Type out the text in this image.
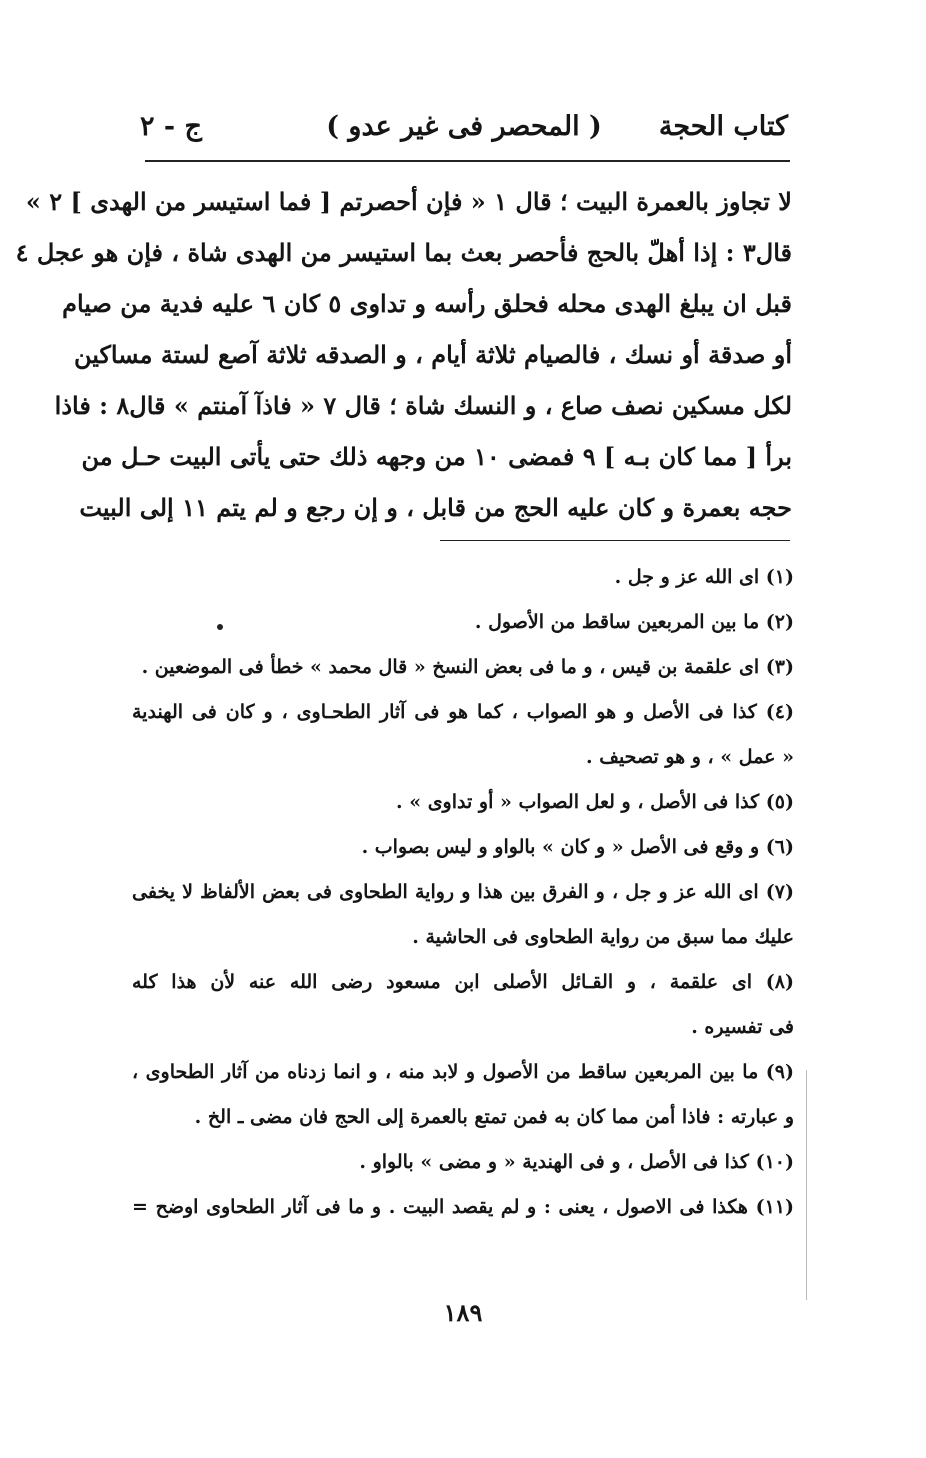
كتاب الحجة
( المحصر فى غير عدو )
ج - ٢

لا تجاوز بالعمرة البيت ؛ قال ١ « فإن أحصرتم [ فما استيسر من الهدى ] ٢ »

قال٣ : إذا أهلّ بالحج فأحصر بعث بما استيسر من الهدى شاة ، فإن هو عجل ٤

قبل ان يبلغ الهدى محله فحلق رأسه و تداوى ٥ كان ٦ عليه فدية من صيام

أو صدقة أو نسك ، فالصيام ثلاثة أيام ، و الصدقه ثلاثة آصع لستة مساكين

لكل مسكين نصف صاع ، و النسك شاة ؛ قال ٧ « فاذآ آمنتم » قال٨ : فاذا

برأ [ مما كان بـه ] ٩ فمضى ١٠ من وجهه ذلك حتى يأتى البيت حـل من

حجه بعمرة و كان عليه الحج من قابل ، و إن رجع و لم يتم ١١ إلى البيت

(١) اى الله عز و جل .

(٢) ما بين المربعين ساقط من الأصول .

(٣) اى علقمة بن قيس ، و ما فى بعض النسخ « قال محمد » خطأ فى الموضعين .

(٤) كذا فى الأصل و هو الصواب ، كما هو فى آثار الطحـاوى ، و كان فى الهندية

« عمل » ، و هو تصحيف .

(٥) كذا فى الأصل ، و لعل الصواب « أو تداوى » .

(٦) و وقع فى الأصل « و كان » بالواو و ليس بصواب .

(٧) اى الله عز و جل ، و الفرق بين هذا و رواية الطحاوى فى بعض الألفاظ لا يخفى

عليك مما سبق من رواية الطحاوى فى الحاشية .

(٨) اى علقمة ، و القـائل الأصلى ابن مسعود رضى الله عنه لأن هذا كله

فى تفسيره .

(٩) ما بين المربعين ساقط من الأصول و لابد منه ، و انما زدناه من آثار الطحاوى ،

و عبارته : فاذا أمن مما كان به فمن تمتع بالعمرة إلى الحج فان مضى ـ الخ .

(١٠) كذا فى الأصل ، و فى الهندية « و مضى » بالواو .

(١١) هكذا فى الاصول ، يعنى : و لم يقصد البيت . و ما فى آثار الطحاوى اوضح =

١٨٩
